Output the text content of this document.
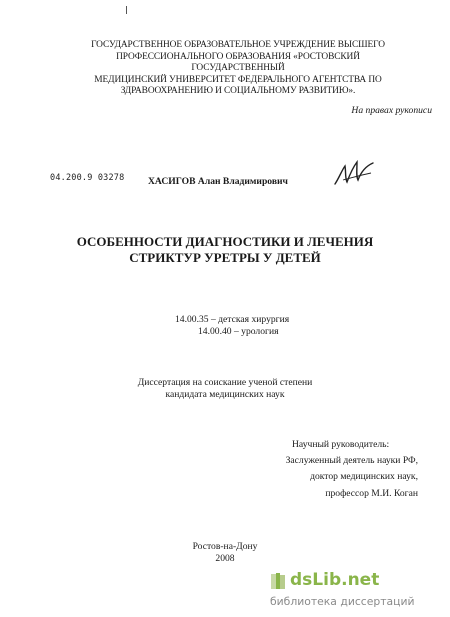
ГОСУДАРСТВЕННОЕ ОБРАЗОВАТЕЛЬНОЕ УЧРЕЖДЕНИЕ ВЫСШЕГО
ПРОФЕССИОНАЛЬНОГО ОБРАЗОВАНИЯ «РОСТОВСКИЙ ГОСУДАРСТВЕННЫЙ
МЕДИЦИНСКИЙ УНИВЕРСИТЕТ ФЕДЕРАЛЬНОГО АГЕНТСТВА ПО
ЗДРАВООХРАНЕНИЮ И СОЦИАЛЬНОМУ РАЗВИТИЮ».
На правах рукописи
04.200.9 03278 ХАСИГОВ Алан Владимирович
ОСОБЕННОСТИ ДИАГНОСТИКИ И ЛЕЧЕНИЯ
СТРИКТУР УРЕТРЫ У ДЕТЕЙ
14.00.35 – детская хирургия
14.00.40 – урология
Диссертация на соискание ученой степени
кандидата медицинских наук
Научный руководитель:
Заслуженный деятель науки РФ,
доктор медицинских наук,
профессор М.И. Коган
Ростов-на-Дону
2008
dsLib.net
библиотека диссертаций
